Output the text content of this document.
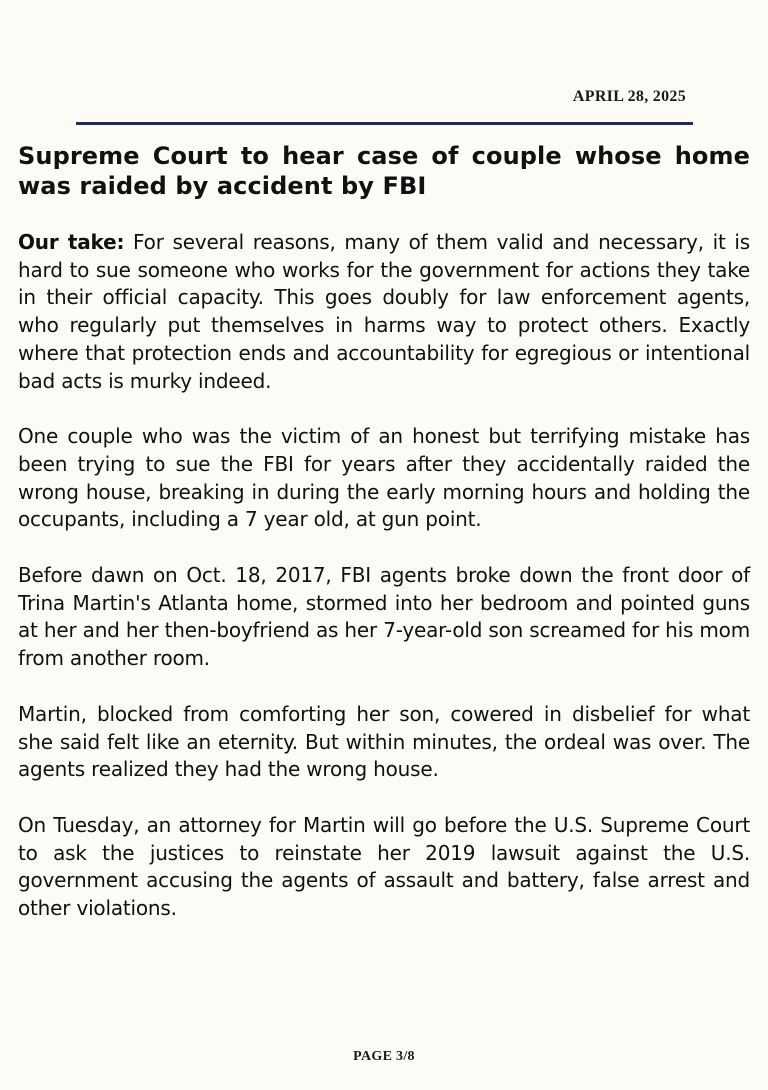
APRIL 28, 2025
Supreme Court to hear case of couple whose home was raided by accident by FBI

Our take: For several reasons, many of them valid and necessary, it is hard to sue someone who works for the government for actions they take in their official capacity. This goes doubly for law enforcement agents, who regularly put themselves in harms way to protect others. Exactly where that protection ends and accountability for egregious or intentional bad acts is murky indeed.

One couple who was the victim of an honest but terrifying mistake has been trying to sue the FBI for years after they accidentally raided the wrong house, breaking in during the early morning hours and holding the occupants, including a 7 year old, at gun point.

Before dawn on Oct. 18, 2017, FBI agents broke down the front door of Trina Martin's Atlanta home, stormed into her bedroom and pointed guns at her and her then-boyfriend as her 7-year-old son screamed for his mom from another room.

Martin, blocked from comforting her son, cowered in disbelief for what she said felt like an eternity. But within minutes, the ordeal was over. The agents realized they had the wrong house.

On Tuesday, an attorney for Martin will go before the U.S. Supreme Court to ask the justices to reinstate her 2019 lawsuit against the U.S. government accusing the agents of assault and battery, false arrest and other violations.

PAGE 3/8
